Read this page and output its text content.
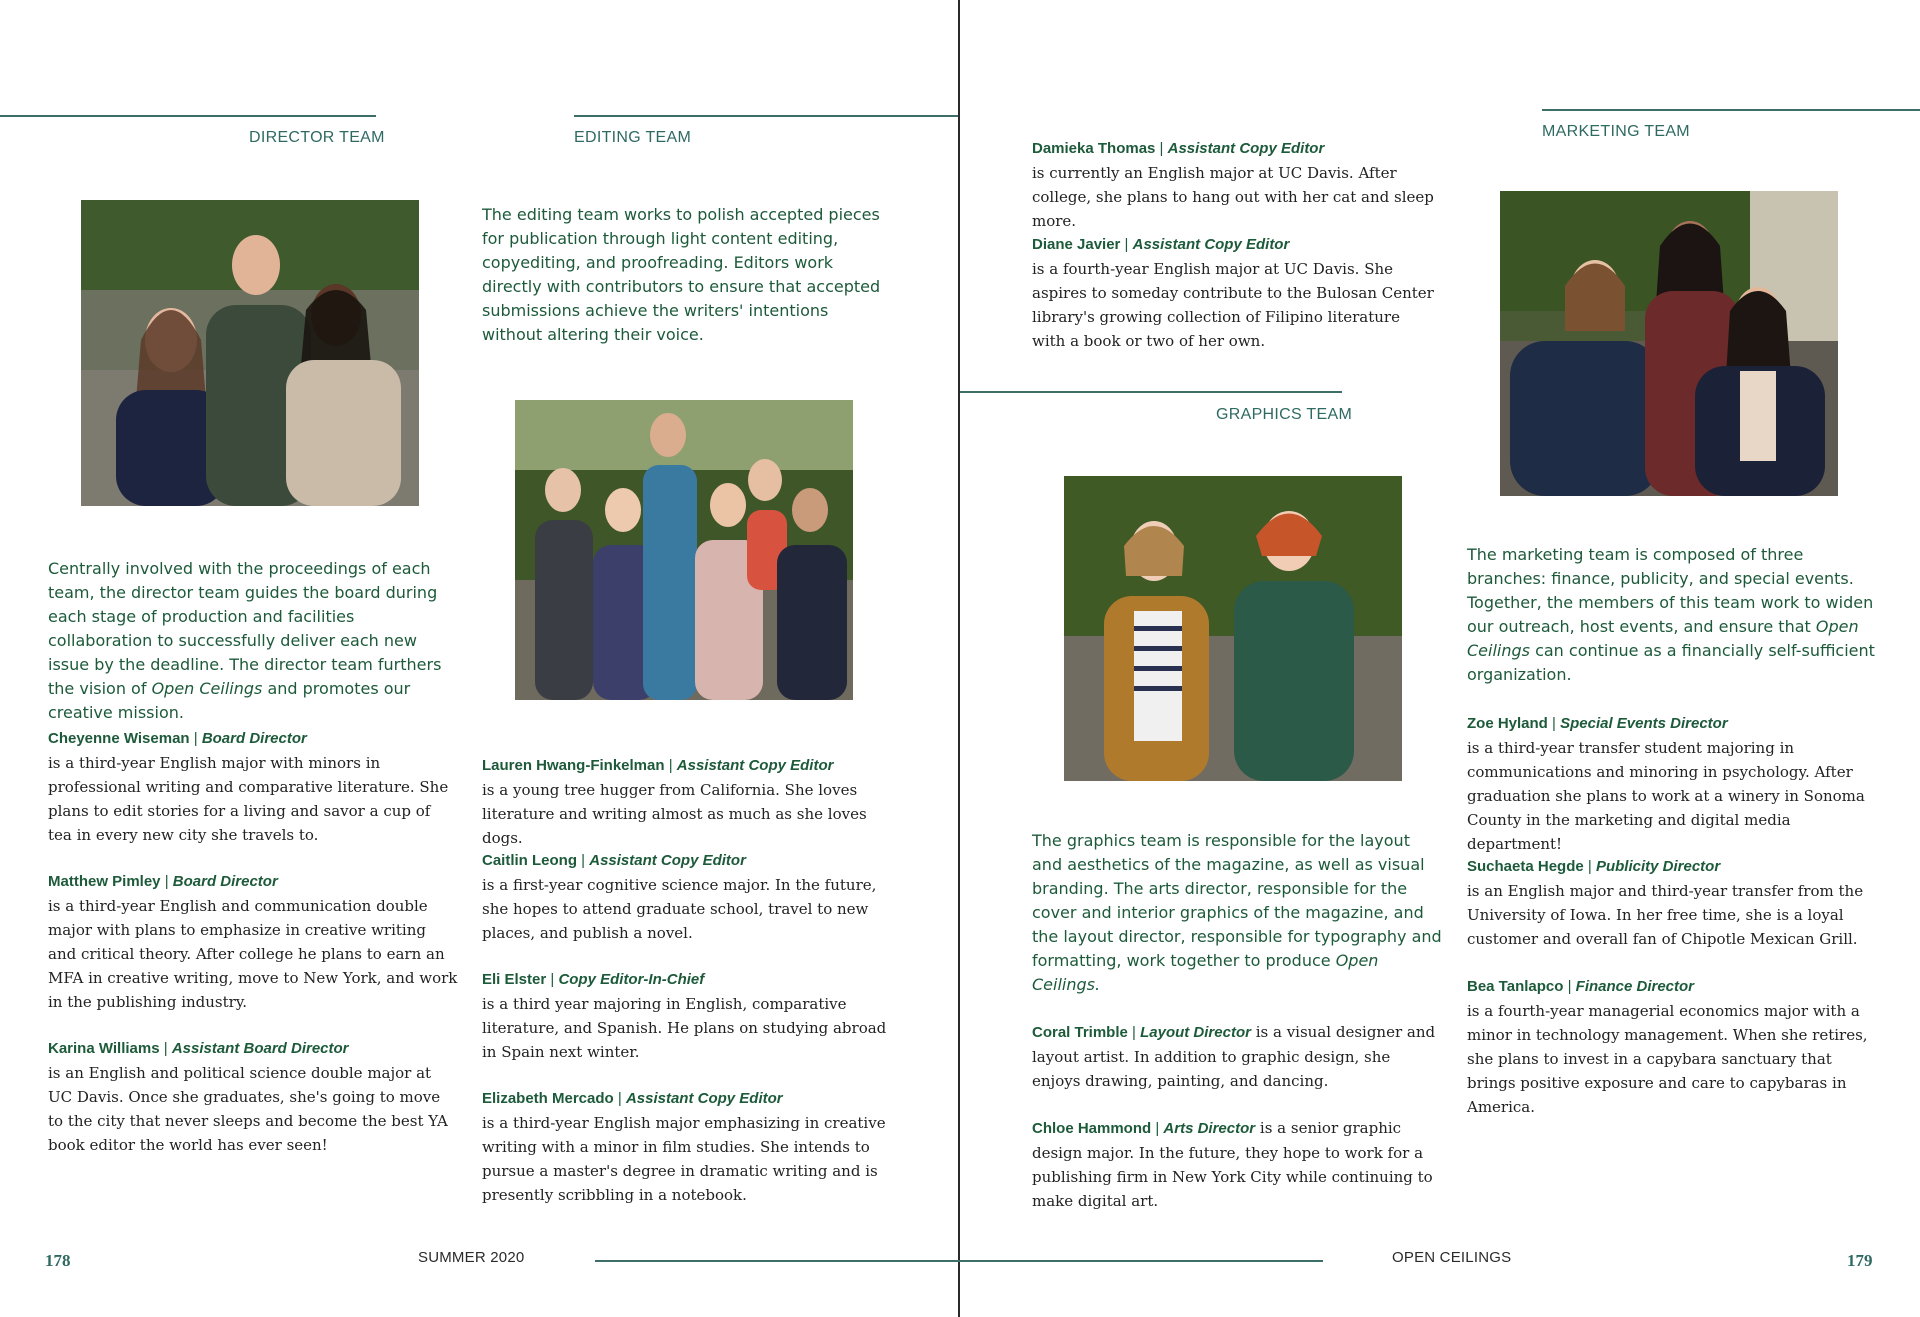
DIRECTOR TEAM	EDITING TEAM
Centrally involved with the proceedings of each team, the director team guides the board during each stage of production and facilities collaboration to successfully deliver each new issue by the deadline. The director team furthers the vision of Open Ceilings and promotes our creative mission.
Cheyenne Wiseman | Board Director
is a third-year English major with minors in professional writing and comparative literature. She plans to edit stories for a living and savor a cup of tea in every new city she travels to.
Matthew Pimley | Board Director
is a third-year English and communication double major with plans to emphasize in creative writing and critical theory. After college he plans to earn an MFA in creative writing, move to New York, and work in the publishing industry.
Karina Williams | Assistant Board Director
is an English and political science double major at UC Davis. Once she graduates, she's going to move to the city that never sleeps and become the best YA book editor the world has ever seen!
The editing team works to polish accepted pieces for publication through light content editing, copyediting, and proofreading. Editors work directly with contributors to ensure that accepted submissions achieve the writers' intentions without altering their voice.
Lauren Hwang-Finkelman | Assistant Copy Editor
is a young tree hugger from California. She loves literature and writing almost as much as she loves dogs.
Caitlin Leong | Assistant Copy Editor
is a first-year cognitive science major. In the future, she hopes to attend graduate school, travel to new places, and publish a novel.
Eli Elster | Copy Editor-In-Chief
is a third year majoring in English, comparative literature, and Spanish. He plans on studying abroad in Spain next winter.
Elizabeth Mercado | Assistant Copy Editor
is a third-year English major emphasizing in creative writing with a minor in film studies. She intends to pursue a master's degree in dramatic writing and is presently scribbling in a notebook.
178	SUMMER 2020
Damieka Thomas | Assistant Copy Editor
is currently an English major at UC Davis. After college, she plans to hang out with her cat and sleep more.
Diane Javier | Assistant Copy Editor
is a fourth-year English major at UC Davis. She aspires to someday contribute to the Bulosan Center library's growing collection of Filipino literature with a book or two of her own.
GRAPHICS TEAM
The graphics team is responsible for the layout and aesthetics of the magazine, as well as visual branding. The arts director, responsible for the cover and interior graphics of the magazine, and the layout director, responsible for typography and formatting, work together to produce Open Ceilings.
Coral Trimble | Layout Director is a visual designer and layout artist. In addition to graphic design, she enjoys drawing, painting, and dancing.
Chloe Hammond | Arts Director is a senior graphic design major. In the future, they hope to work for a publishing firm in New York City while continuing to make digital art.
MARKETING TEAM
The marketing team is composed of three branches: finance, publicity, and special events. Together, the members of this team work to widen our outreach, host events, and ensure that Open Ceilings can continue as a financially self-sufficient organization.
Zoe Hyland | Special Events Director
is a third-year transfer student majoring in communications and minoring in psychology. After graduation she plans to work at a winery in Sonoma County in the marketing and digital media department!
Suchaeta Hegde | Publicity Director
is an English major and third-year transfer from the University of Iowa. In her free time, she is a loyal customer and overall fan of Chipotle Mexican Grill.
Bea Tanlapco | Finance Director
is a fourth-year managerial economics major with a minor in technology management. When she retires, she plans to invest in a capybara sanctuary that brings positive exposure and care to capybaras in America.
OPEN CEILINGS	179
